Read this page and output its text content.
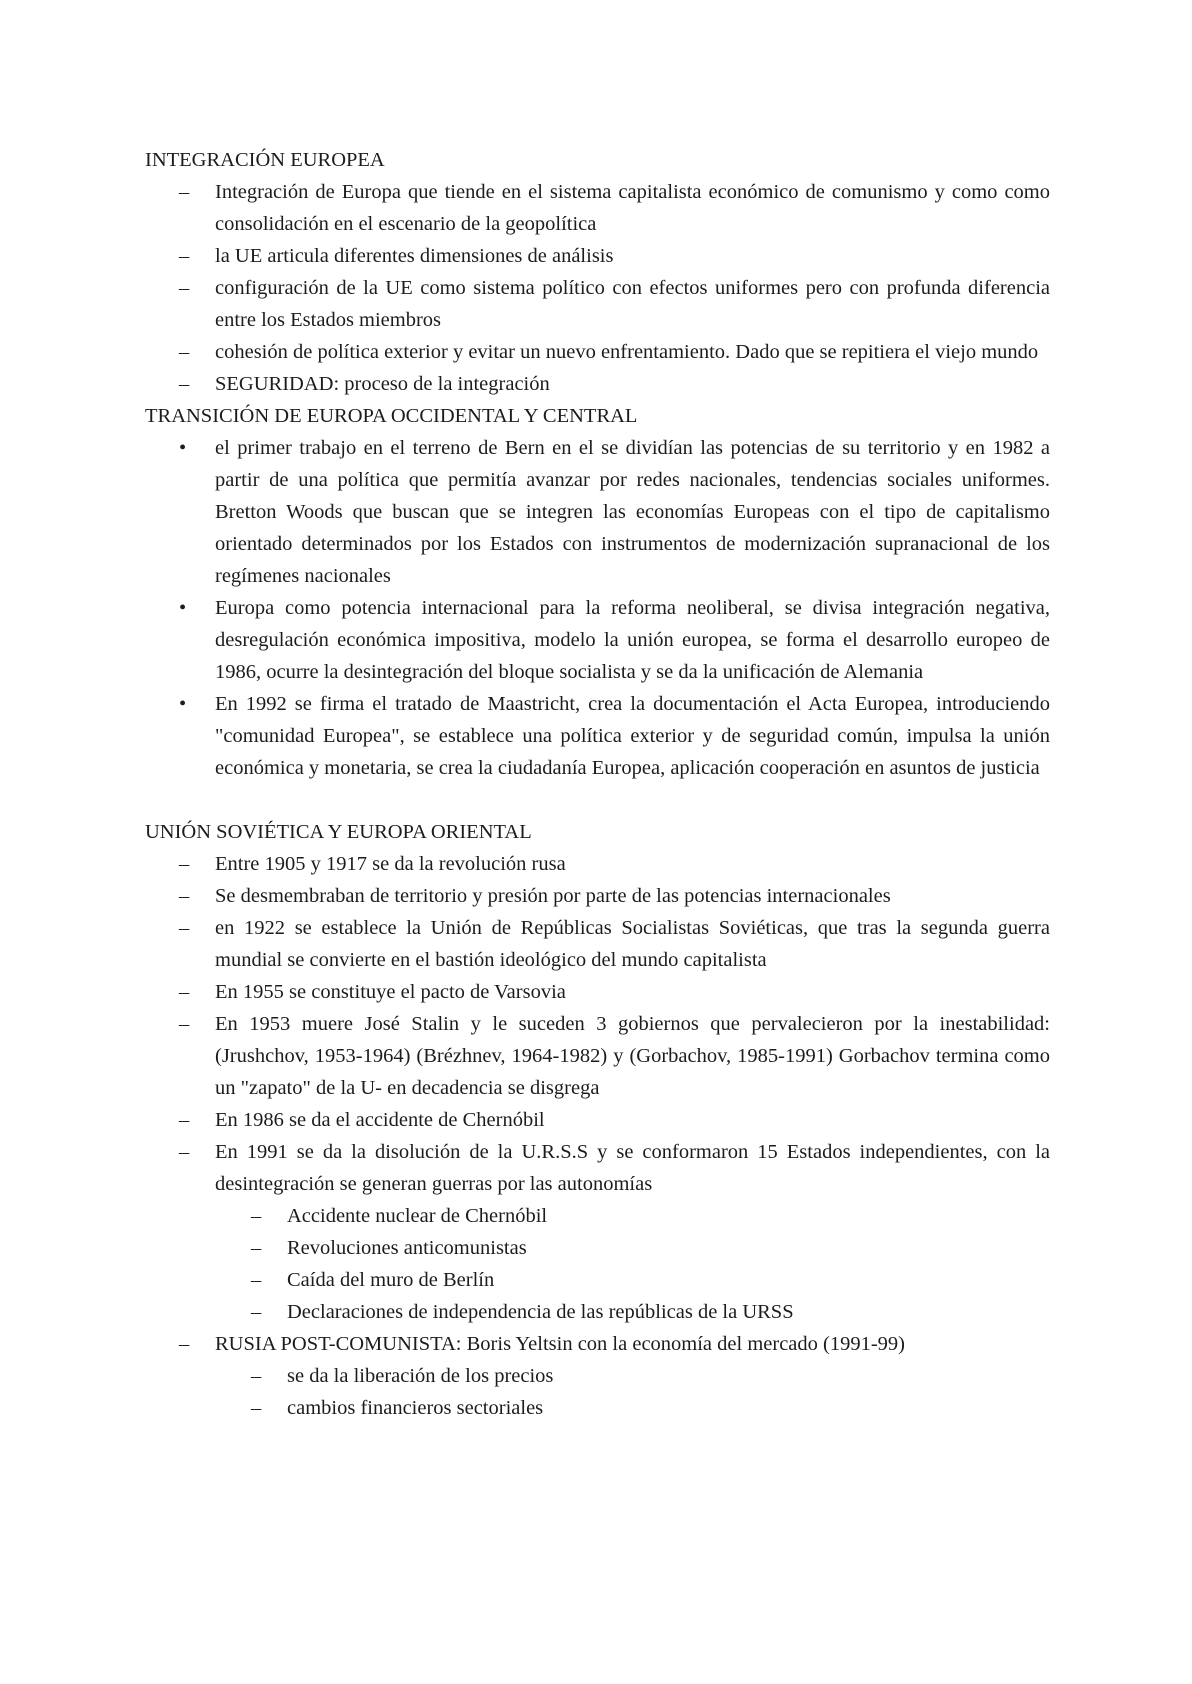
INTEGRACIÓN EUROPEA
–	Integración de Europa que tiende en el sistema capitalista económico de comunismo y como como consolidación en el escenario de la geopolítica
–	la UE articula diferentes dimensiones de análisis
–	configuración de la UE como sistema político con efectos uniformes pero con profunda diferencia entre los Estados miembros
–	cohesión de política exterior y evitar un nuevo enfrentamiento. Dado que se repitiera el viejo mundo
–	SEGURIDAD: proceso de la integración
TRANSICIÓN DE EUROPA OCCIDENTAL Y CENTRAL
•	el primer trabajo en el terreno de Bern en el se dividían las potencias de su territorio y en 1982 a partir de una política que permitía avanzar por redes nacionales, tendencias sociales uniformes. Bretton Woods que buscan que se integren las economías Europeas con el tipo de capitalismo orientado determinados por los Estados con instrumentos de modernización supranacional de los regímenes nacionales
•	Europa como potencia internacional para la reforma neoliberal, se divisa integración negativa, desregulación económica impositiva, modelo la unión europea, se forma el desarrollo europeo de 1986, ocurre la desintegración del bloque socialista y se da la unificación de Alemania
•	En 1992 se firma el tratado de Maastricht, crea la documentación el Acta Europea, introduciendo "comunidad Europea", se establece una política exterior y de seguridad común, impulsa la unión económica y monetaria, se crea la ciudadanía Europea, aplicación cooperación en asuntos de justicia
UNIÓN SOVIÉTICA Y EUROPA ORIENTAL
–	Entre 1905 y 1917 se da la revolución rusa
–	Se desmembraban de territorio y presión por parte de las potencias internacionales
–	en 1922 se establece la Unión de Repúblicas Socialistas Soviéticas, que tras la segunda guerra mundial se convierte en el bastión ideológico del mundo capitalista
–	En 1955 se constituye el pacto de Varsovia
–	En 1953 muere José Stalin y le suceden 3 gobiernos que pervalecieron por la inestabilidad: (Jrushchov, 1953-1964) (Brézhnev, 1964-1982) y (Gorbachov, 1985-1991) Gorbachov termina como un "zapato" de la U- en decadencia se disgrega
–	En 1986 se da el accidente de Chernóbil
–	En 1991 se da la disolución de la U.R.S.S y se conformaron 15 Estados independientes, con la desintegración se generan guerras por las autonomías
–	Accidente nuclear de Chernóbil
–	Revoluciones anticomunistas
–	Caída del muro de Berlín
–	Declaraciones de independencia de las repúblicas de la URSS
–	RUSIA POST-COMUNISTA: Boris Yeltsin con la economía del mercado (1991-99)
–	se da la liberación de los precios
–	cambios financieros sectoriales
